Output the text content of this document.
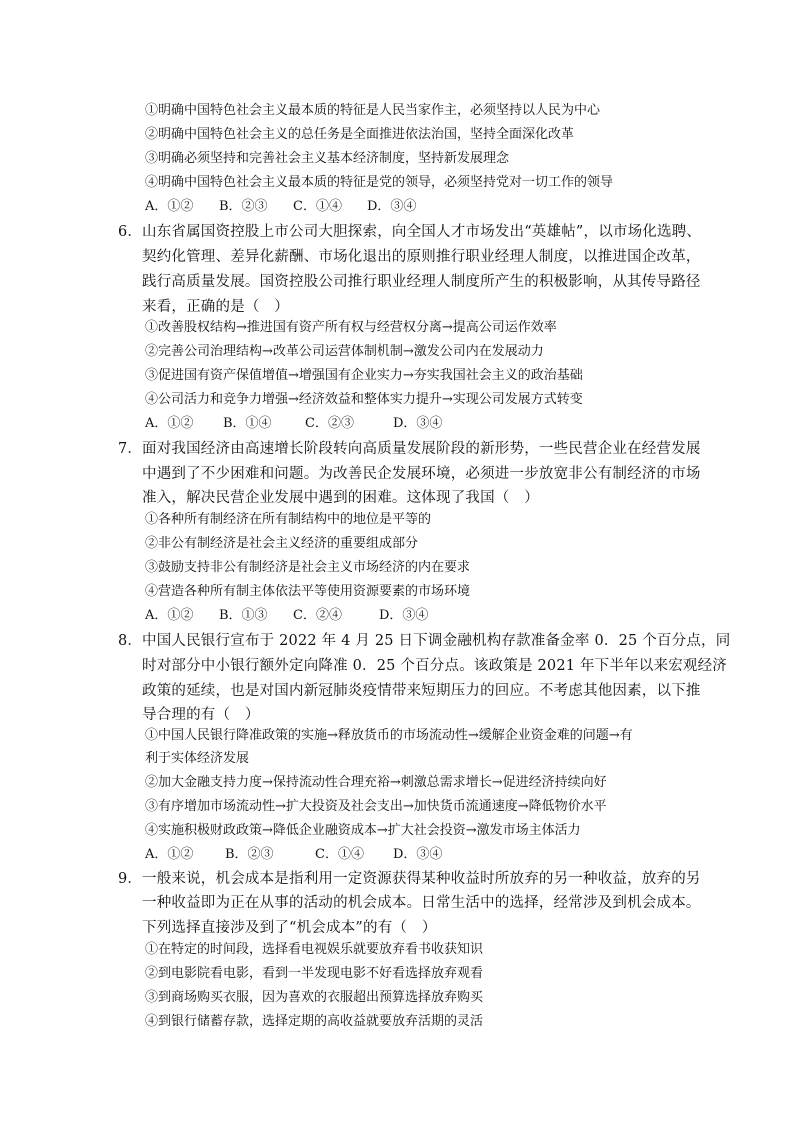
①明确中国特色社会主义最本质的特征是人民当家作主，必须坚持以人民为中心
②明确中国特色社会主义的总任务是全面推进依法治国，坚持全面深化改革
③明确必须坚持和完善社会主义基本经济制度，坚持新发展理念
④明确中国特色社会主义最本质的特征是党的领导，必须坚持党对一切工作的领导
A．①② B．②③ C．①④ D．③④
6．山东省属国资控股上市公司大胆探索，向全国人才市场发出“英雄帖”，以市场化选聘、
契约化管理、差异化薪酬、市场化退出的原则推行职业经理人制度，以推进国企改革，
践行高质量发展。国资控股公司推行职业经理人制度所产生的积极影响，从其传导路径
来看，正确的是（　）
①改善股权结构→推进国有资产所有权与经营权分离→提高公司运作效率
②完善公司治理结构→改革公司运营体制机制→激发公司内在发展动力
③促进国有资产保值增值→增强国有企业实力→夯实我国社会主义的政治基础
④公司活力和竞争力增强→经济效益和整体实力提升→实现公司发展方式转变
A．①② B．①④	C．②③	D．③④
7．面对我国经济由高速增长阶段转向高质量发展阶段的新形势，一些民营企业在经营发展
中遇到了不少困难和问题。为改善民企发展环境，必须进一步放宽非公有制经济的市场
准入，解决民营企业发展中遇到的困难。这体现了我国（　）
①各种所有制经济在所有制结构中的地位是平等的
②非公有制经济是社会主义经济的重要组成部分
③鼓励支持非公有制经济是社会主义市场经济的内在要求
④营造各种所有制主体依法平等使用资源要素的市场环境
A．①② B．①③ C．②④	D．③④
8．中国人民银行宣布于 2022 年 4 月 25 日下调金融机构存款准备金率 0．25 个百分点，同
时对部分中小银行额外定向降准 0．25 个百分点。该政策是 2021 年下半年以来宏观经济
政策的延续，也是对国内新冠肺炎疫情带来短期压力的回应。不考虑其他因素，以下推
导合理的有（　）
①中国人民银行降准政策的实施→释放货币的市场流动性→缓解企业资金难的问题→有
利于实体经济发展
②加大金融支持力度→保持流动性合理充裕→刺激总需求增长→促进经济持续向好
③有序增加市场流动性→扩大投资及社会支出→加快货币流通速度→降低物价水平
④实施积极财政政策→降低企业融资成本→扩大社会投资→激发市场主体活力
A．①② B．②③	C．①④ D．③④
9．一般来说，机会成本是指利用一定资源获得某种收益时所放弃的另一种收益，放弃的另
一种收益即为正在从事的活动的机会成本。日常生活中的选择，经常涉及到机会成本。
下列选择直接涉及到了“机会成本”的有（　）
①在特定的时间段，选择看电视娱乐就要放弃看书收获知识
②到电影院看电影，看到一半发现电影不好看选择放弃观看
③到商场购买衣服，因为喜欢的衣服超出预算选择放弃购买
④到银行储蓄存款，选择定期的高收益就要放弃活期的灵活
